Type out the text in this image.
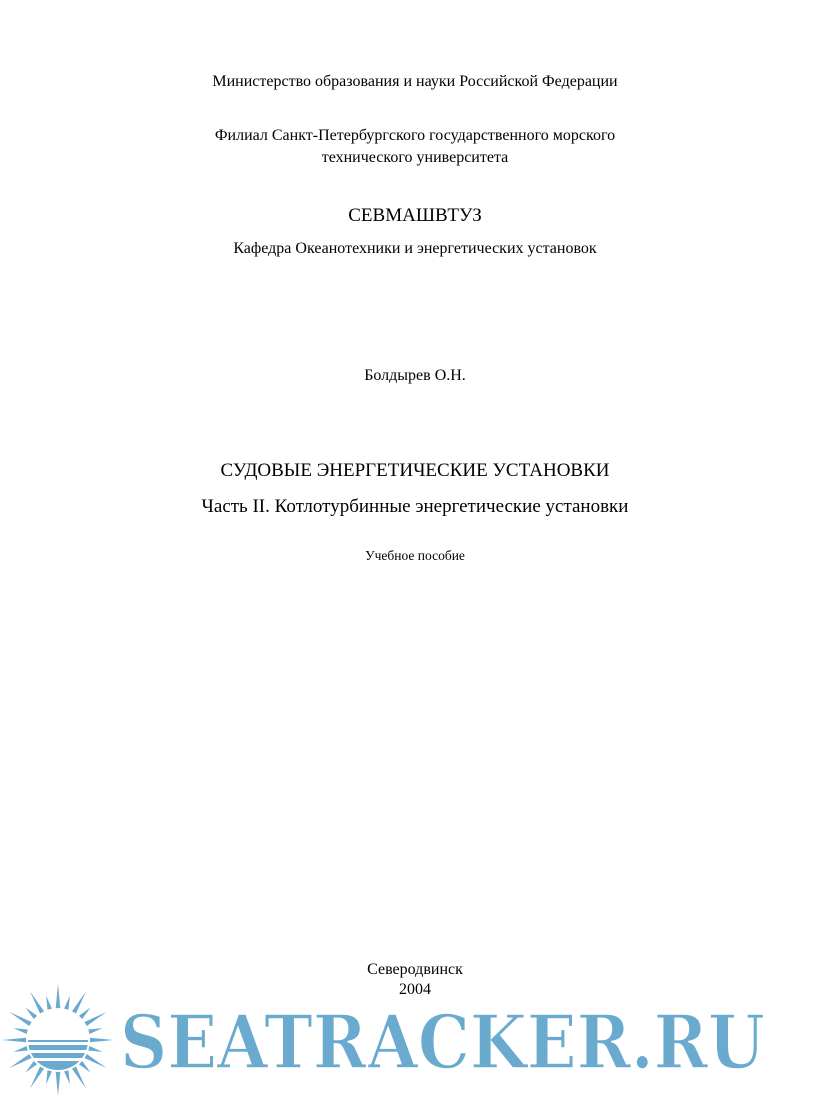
Министерство образования и науки Российской Федерации
Филиал Санкт-Петербургского государственного морского
технического университета
СЕВМАШВТУЗ
Кафедра Океанотехники и энергетических установок
Болдырев О.Н.
СУДОВЫЕ ЭНЕРГЕТИЧЕСКИЕ УСТАНОВКИ
Часть II. Котлотурбинные энергетические установки
Учебное пособие
Северодвинск
2004
SEATRACKER.RU
